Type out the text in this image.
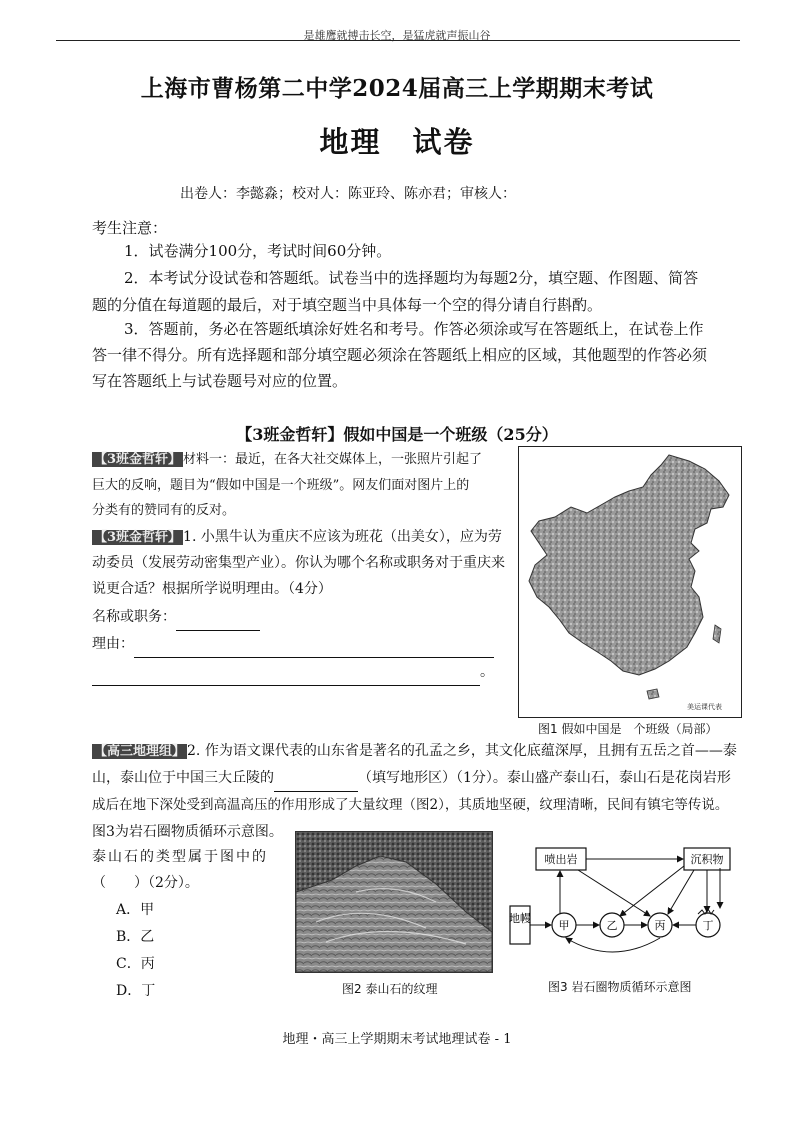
是雄鹰就搏击长空，是猛虎就声振山谷
上海市曹杨第二中学2024届高三上学期期末考试
地理　试卷
出卷人：李懿淼；校对人：陈亚玲、陈亦君；审核人：
考生注意：
1．试卷满分100分，考试时间60分钟。
2．本考试分设试卷和答题纸。试卷当中的选择题均为每题2分，填空题、作图题、简答
题的分值在每道题的最后，对于填空题当中具体每一个空的得分请自行斟酌。
3．答题前，务必在答题纸填涂好姓名和考号。作答必须涂或写在答题纸上，在试卷上作
答一律不得分。所有选择题和部分填空题必须涂在答题纸上相应的区域，其他题型的作答必须
写在答题纸上与试卷题号对应的位置。
【3班金哲轩】假如中国是一个班级（25分）
【3班金哲轩】 材料一：最近，在各大社交媒体上，一张照片引起了
巨大的反响，题目为“假如中国是一个班级”。网友们面对图片上的
分类有的赞同有的反对。
【3班金哲轩】 1. 小黑牛认为重庆不应该为班花（出美女），应为劳
动委员（发展劳动密集型产业）。你认为哪个名称或职务对于重庆来
说更合适？根据所学说明理由。（4分）
名称或职务：
理由：
。
美运课代表
图1 假如中国是　个班级（局部）
【高三地理组】 2. 作为语文课代表的山东省是著名的孔孟之乡，其文化底蕴深厚，且拥有五岳之首——泰
山，泰山位于中国三大丘陵的	（填写地形区）（1分）。泰山盛产泰山石，泰山石是花岗岩形
成后在地下深处受到高温高压的作用形成了大量纹理（图2），其质地坚硬，纹理清晰，民间有镇宅等传说。
图3为岩石圈物质循环示意图。
泰山石的类型属于图中的
（　　）（2分）。
A．甲
B．乙
C．丙
D．丁	图2 泰山石的纹理
喷出岩	沉积物
地幔
甲	乙	丙	丁
图3 岩石圈物质循环示意图
地理・高三上学期期末考试地理试卷 - 1
